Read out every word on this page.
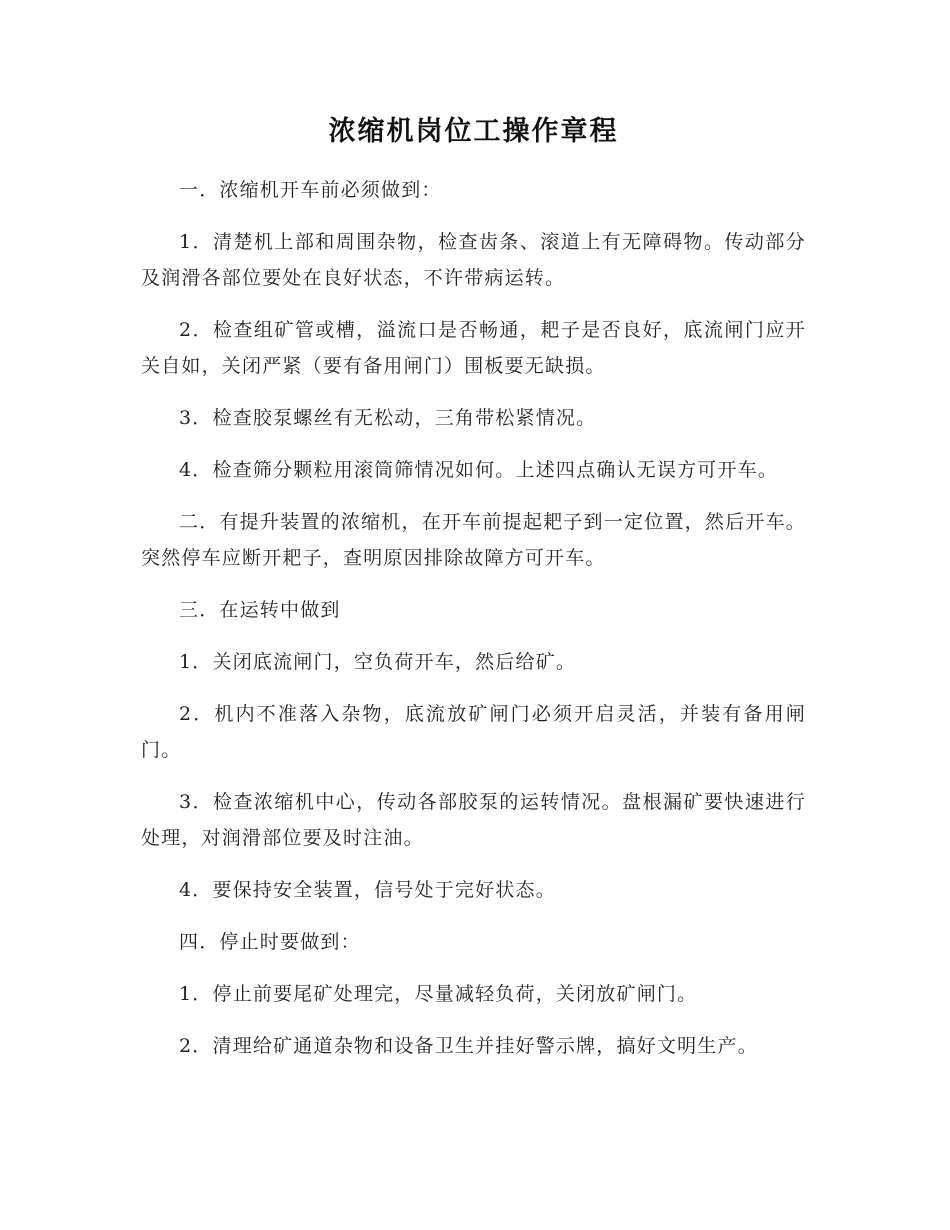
浓缩机岗位工操作章程

一．浓缩机开车前必须做到：

1．清楚机上部和周围杂物，检查齿条、滚道上有无障碍物。传动部分及润滑各部位要处在良好状态，不许带病运转。

2．检查组矿管或槽，溢流口是否畅通，耙子是否良好，底流闸门应开关自如，关闭严紧（要有备用闸门）围板要无缺损。

3．检查胶泵螺丝有无松动，三角带松紧情况。

4．检查筛分颗粒用滚筒筛情况如何。上述四点确认无误方可开车。

二．有提升装置的浓缩机，在开车前提起耙子到一定位置，然后开车。突然停车应断开耙子，查明原因排除故障方可开车。

三．在运转中做到

1．关闭底流闸门，空负荷开车，然后给矿。

2．机内不准落入杂物，底流放矿闸门必须开启灵活，并装有备用闸门。

3．检查浓缩机中心，传动各部胶泵的运转情况。盘根漏矿要快速进行处理，对润滑部位要及时注油。

4．要保持安全装置，信号处于完好状态。

四．停止时要做到：

1．停止前要尾矿处理完，尽量减轻负荷，关闭放矿闸门。

2．清理给矿通道杂物和设备卫生并挂好警示牌，搞好文明生产。
